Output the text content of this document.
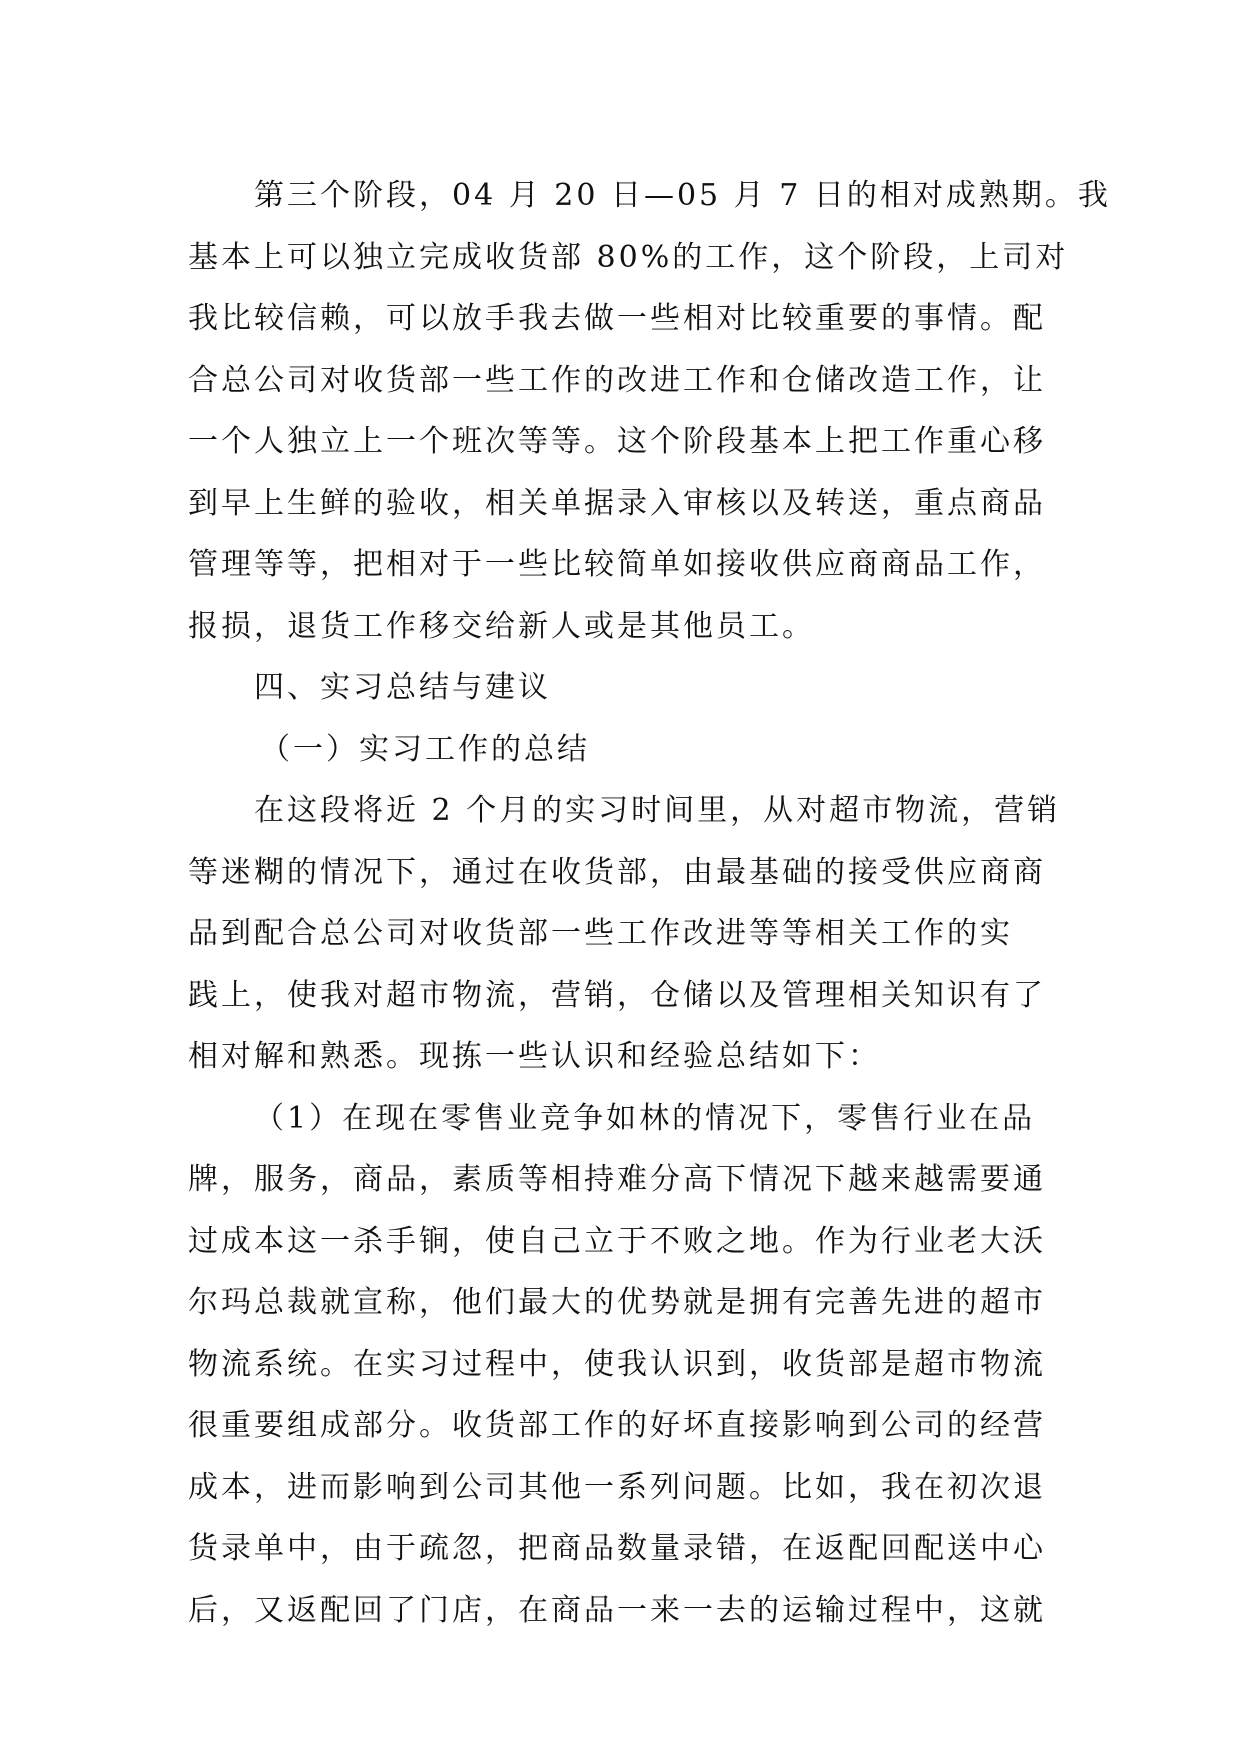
第三个阶段，04 月 20 日—05 月 7 日的相对成熟期。我
基本上可以独立完成收货部 80%的工作，这个阶段，上司对
我比较信赖，可以放手我去做一些相对比较重要的事情。配
合总公司对收货部一些工作的改进工作和仓储改造工作，让
一个人独立上一个班次等等。这个阶段基本上把工作重心移
到早上生鲜的验收，相关单据录入审核以及转送，重点商品
管理等等，把相对于一些比较简单如接收供应商商品工作，
报损，退货工作移交给新人或是其他员工。
四、实习总结与建议
（一）实习工作的总结
在这段将近 2 个月的实习时间里，从对超市物流，营销
等迷糊的情况下，通过在收货部，由最基础的接受供应商商
品到配合总公司对收货部一些工作改进等等相关工作的实
践上，使我对超市物流，营销，仓储以及管理相关知识有了
相对解和熟悉。现拣一些认识和经验总结如下：
（1）在现在零售业竞争如林的情况下，零售行业在品
牌，服务，商品，素质等相持难分高下情况下越来越需要通
过成本这一杀手锏，使自己立于不败之地。作为行业老大沃
尔玛总裁就宣称，他们最大的优势就是拥有完善先进的超市
物流系统。在实习过程中，使我认识到，收货部是超市物流
很重要组成部分。收货部工作的好坏直接影响到公司的经营
成本，进而影响到公司其他一系列问题。比如，我在初次退
货录单中，由于疏忽，把商品数量录错，在返配回配送中心
后，又返配回了门店，在商品一来一去的运输过程中，这就
